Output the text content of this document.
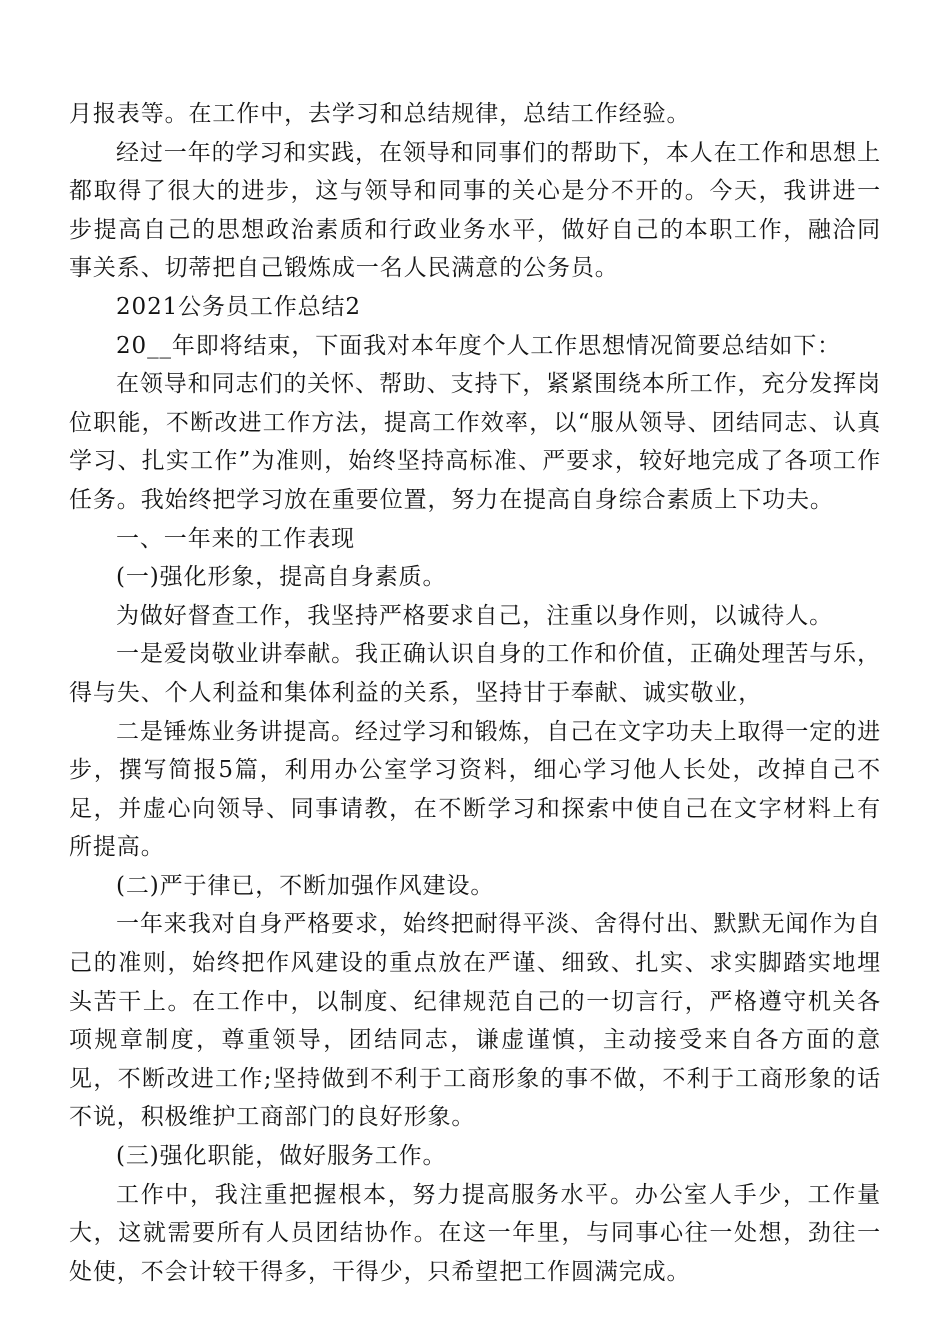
月报表等。在工作中，去学习和总结规律，总结工作经验。

经过一年的学习和实践，在领导和同事们的帮助下，本人在工作和思想上都取得了很大的进步，这与领导和同事的关心是分不开的。今天，我讲进一步提高自己的思想政治素质和行政业务水平，做好自己的本职工作，融洽同事关系、切蒂把自己锻炼成一名人民满意的公务员。

2021公务员工作总结2

20__年即将结束，下面我对本年度个人工作思想情况简要总结如下：

在领导和同志们的关怀、帮助、支持下，紧紧围绕本所工作，充分发挥岗位职能，不断改进工作方法，提高工作效率，以“服从领导、团结同志、认真学习、扎实工作”为准则，始终坚持高标准、严要求，较好地完成了各项工作任务。我始终把学习放在重要位置，努力在提高自身综合素质上下功夫。

一、一年来的工作表现

(一)强化形象，提高自身素质。

为做好督查工作，我坚持严格要求自己，注重以身作则，以诚待人。

一是爱岗敬业讲奉献。我正确认识自身的工作和价值，正确处理苦与乐，得与失、个人利益和集体利益的关系，坚持甘于奉献、诚实敬业，

二是锤炼业务讲提高。经过学习和锻炼，自己在文字功夫上取得一定的进步，撰写简报5篇，利用办公室学习资料，细心学习他人长处，改掉自己不足，并虚心向领导、同事请教，在不断学习和探索中使自己在文字材料上有所提高。

(二)严于律已，不断加强作风建设。

一年来我对自身严格要求，始终把耐得平淡、舍得付出、默默无闻作为自己的准则，始终把作风建设的重点放在严谨、细致、扎实、求实脚踏实地埋头苦干上。在工作中，以制度、纪律规范自己的一切言行，严格遵守机关各项规章制度，尊重领导，团结同志，谦虚谨慎，主动接受来自各方面的意见，不断改进工作;坚持做到不利于工商形象的事不做，不利于工商形象的话不说，积极维护工商部门的良好形象。

(三)强化职能，做好服务工作。

工作中，我注重把握根本，努力提高服务水平。办公室人手少，工作量大，这就需要所有人员团结协作。在这一年里，与同事心往一处想，劲往一处使，不会计较干得多，干得少，只希望把工作圆满完成。
